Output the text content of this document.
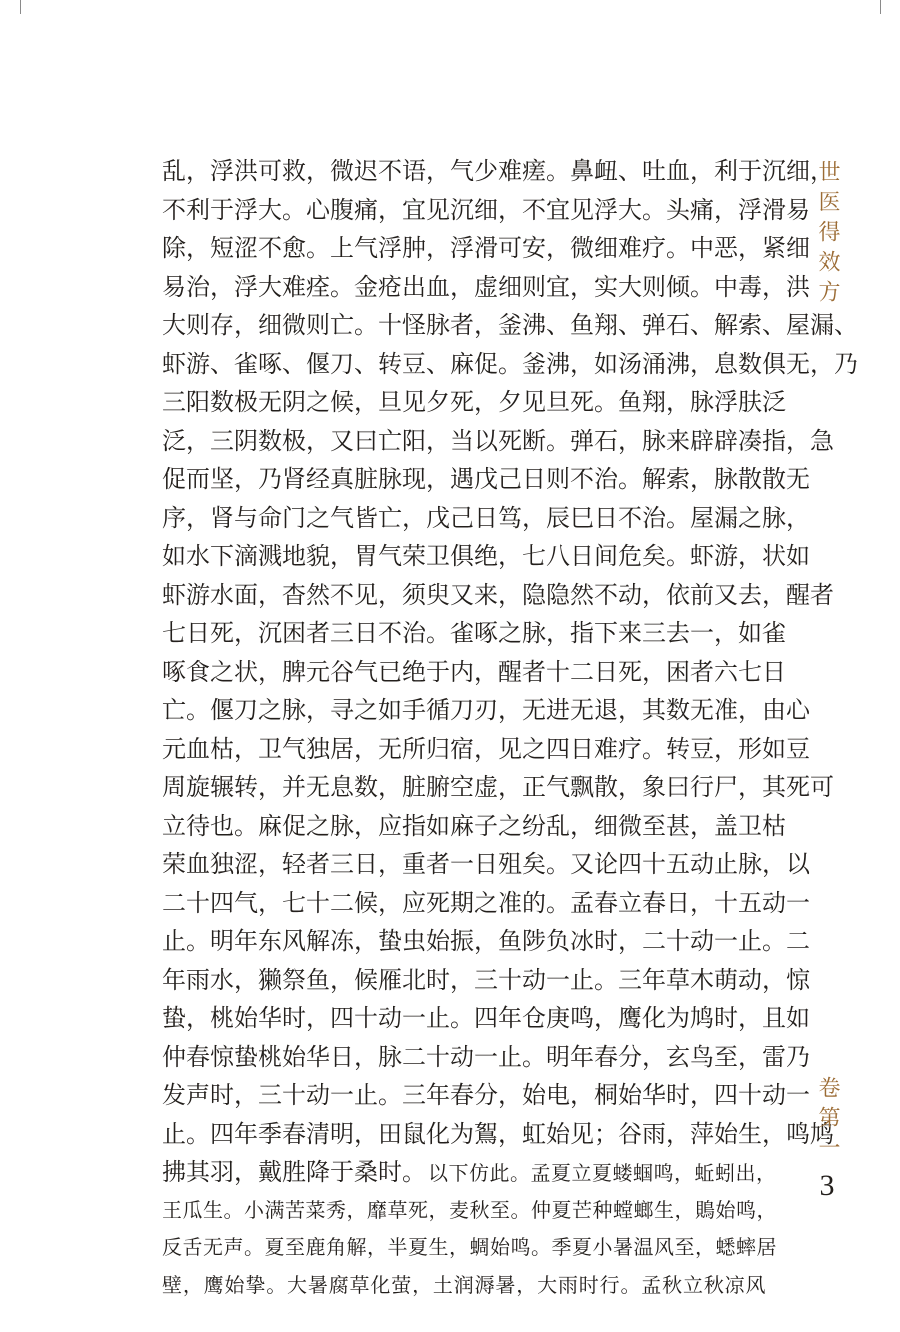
乱，浮洪可救，微迟不语，气少难瘥。鼻衄、吐血，利于沉细，
不利于浮大。心腹痛，宜见沉细，不宜见浮大。头痛，浮滑易
除，短涩不愈。上气浮肿，浮滑可安，微细难疗。中恶，紧细
易治，浮大难痊。金疮出血，虚细则宜，实大则倾。中毒，洪
大则存，细微则亡。十怪脉者，釜沸、鱼翔、弹石、解索、屋漏、
虾游、雀啄、偃刀、转豆、麻促。釜沸，如汤涌沸，息数俱无，乃
三阳数极无阴之候，旦见夕死，夕见旦死。鱼翔，脉浮肤泛
泛，三阴数极，又曰亡阳，当以死断。弹石，脉来辟辟凑指，急
促而坚，乃肾经真脏脉现，遇戊己日则不治。解索，脉散散无
序，肾与命门之气皆亡，戊己日笃，辰巳日不治。屋漏之脉，
如水下滴溅地貌，胃气荣卫俱绝，七八日间危矣。虾游，状如
虾游水面，杳然不见，须臾又来，隐隐然不动，依前又去，醒者
七日死，沉困者三日不治。雀啄之脉，指下来三去一，如雀
啄食之状，脾元谷气已绝于内，醒者十二日死，困者六七日
亡。偃刀之脉，寻之如手循刀刃，无进无退，其数无准，由心
元血枯，卫气独居，无所归宿，见之四日难疗。转豆，形如豆
周旋辗转，并无息数，脏腑空虚，正气飘散，象曰行尸，其死可
立待也。麻促之脉，应指如麻子之纷乱，细微至甚，盖卫枯
荣血独涩，轻者三日，重者一日殂矣。又论四十五动止脉，以
二十四气，七十二候，应死期之准的。孟春立春日，十五动一
止。明年东风解冻，蛰虫始振，鱼陟负冰时，二十动一止。二
年雨水，獭祭鱼，候雁北时，三十动一止。三年草木萌动，惊
蛰，桃始华时，四十动一止。四年仓庚鸣，鹰化为鸠时，且如
仲春惊蛰桃始华日，脉二十动一止。明年春分，玄鸟至，雷乃
发声时，三十动一止。三年春分，始电，桐始华时，四十动一
止。四年季春清明，田鼠化为鴽，虹始见；谷雨，萍始生，鸣鸠
拂其羽，戴胜降于桑时。 以下仿此。孟夏立夏蝼蝈鸣，蚯蚓出，
王瓜生。小满苦菜秀，靡草死，麦秋至。仲夏芒种螳螂生，鵙始鸣，
反舌无声。夏至鹿角解，半夏生，蜩始鸣。季夏小暑温风至，蟋蟀居
壁，鹰始挚。大暑腐草化萤，土润溽暑，大雨时行。孟秋立秋凉风
世医得效方
卷第一
3
